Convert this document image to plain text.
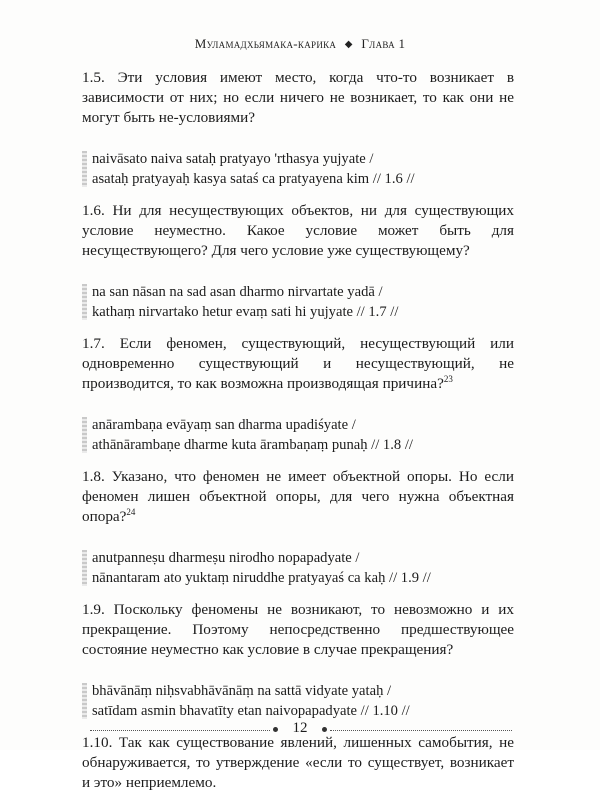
Муламадхьямака-карика ◆ Глава 1

1.5. Эти условия имеют место, когда что-то возникает в зависимости от них; но если ничего не возникает, то как они не могут быть не-условиями?

naivāsato naiva sataḥ pratyayo 'rthasya yujyate /
asataḥ pratyayaḥ kasya sataś ca pratyayena kim // 1.6 //

1.6. Ни для несуществующих объектов, ни для существующих условие неуместно. Какое условие может быть для несуществующего? Для чего условие уже существующему?

na san nāsan na sad asan dharmo nirvartate yadā /
kathaṃ nirvartako hetur evaṃ sati hi yujyate // 1.7 //

1.7. Если феномен, существующий, несуществующий или одновременно существующий и несуществующий, не производится, то как возможна производящая причина?$^{23}$

anārambaṇa evāyaṃ san dharma upadiśyate /
athānārambaṇe dharme kuta ārambaṇaṃ punaḥ // 1.8 //

1.8. Указано, что феномен не имеет объектной опоры. Но если феномен лишен объектной опоры, для чего нужна объектная опора?$^{24}$

anutpanneṣu dharmeṣu nirodho nopapadyate /
nānantaram ato yuktaṃ niruddhe pratyayaś ca kaḥ // 1.9 //

1.9. Поскольку феномены не возникают, то невозможно и их прекращение. Поэтому непосредственно предшествующее состояние неуместно как условие в случае прекращения?

bhāvānāṃ niḥsvabhāvānāṃ na sattā vidyate yataḥ /
satīdam asmin bhavatīty etan naivopapadyate // 1.10 //

1.10. Так как существование явлений, лишенных самобытия, не обнаруживается, то утверждение «если то существует, возникает и это» неприемлемо.

12
